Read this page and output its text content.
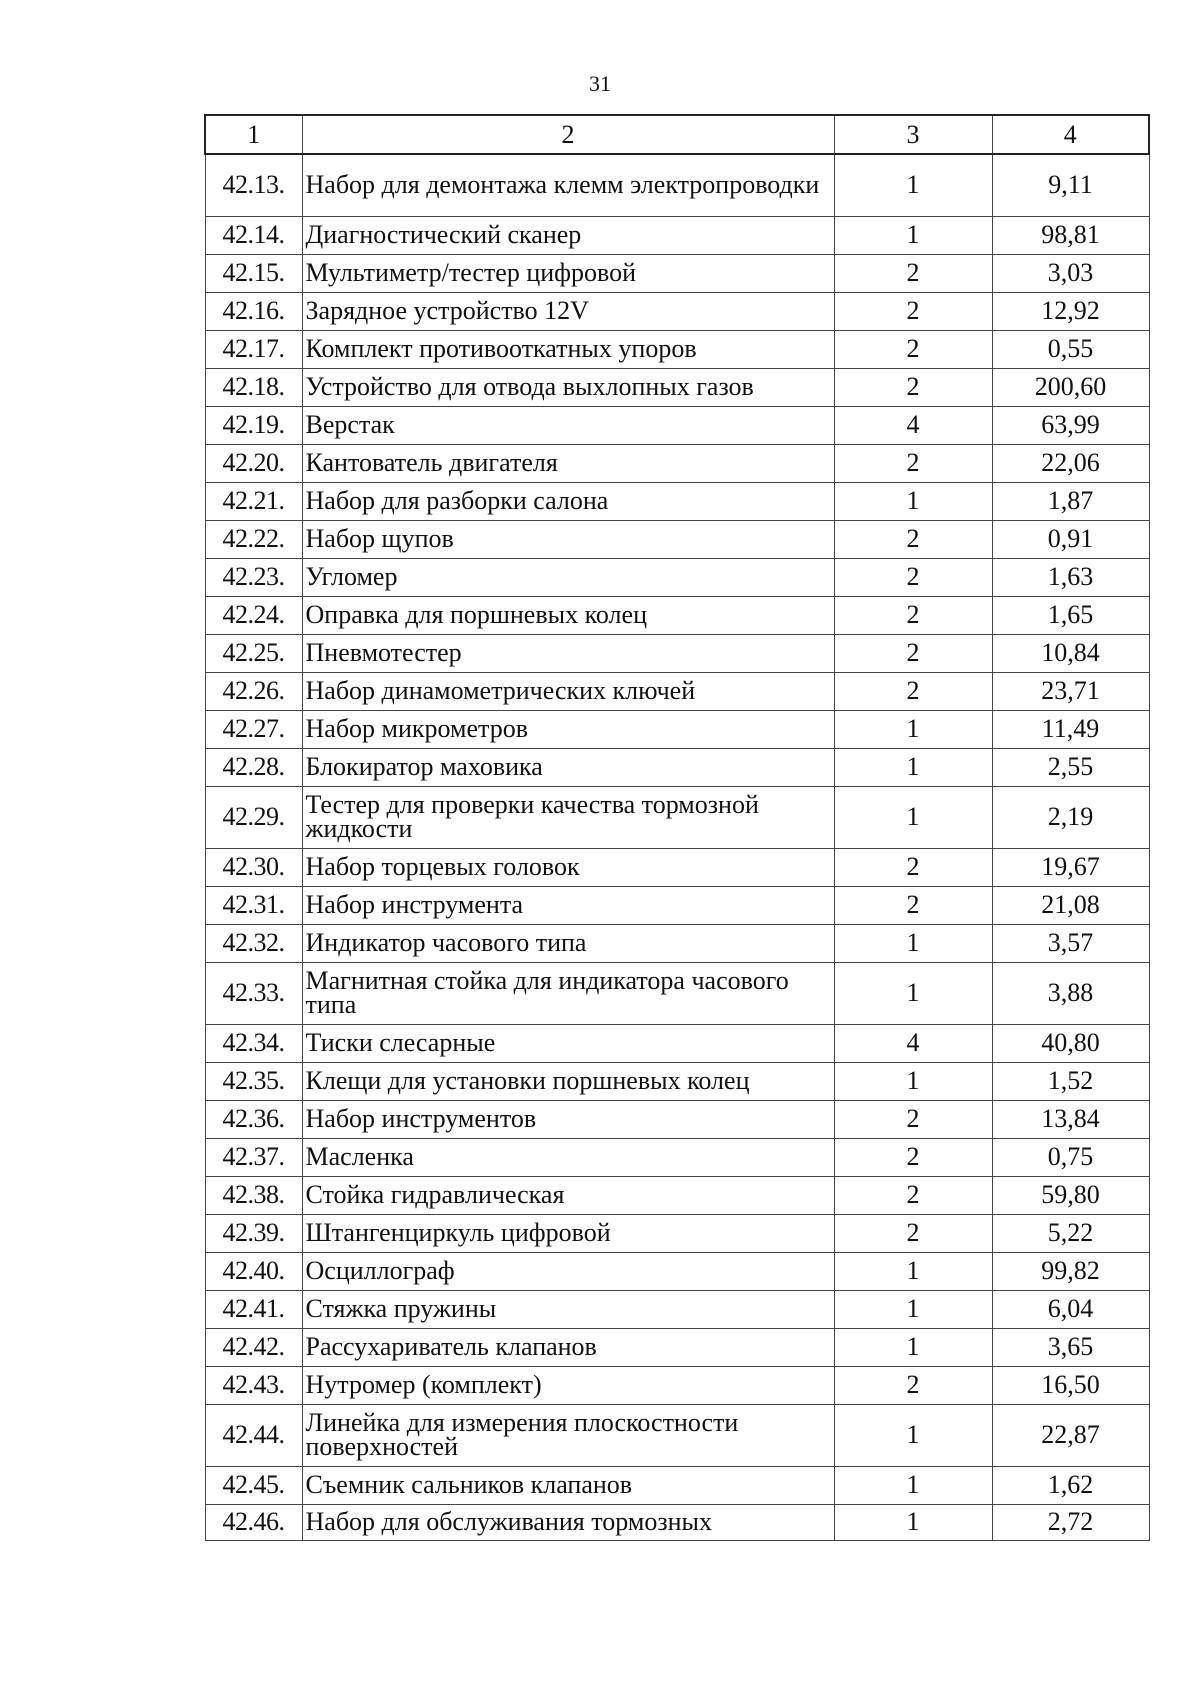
31
1	2	3	4
42.13.	Набор для демонтажа клемм электропроводки	1	9,11
42.14.	Диагностический сканер	1	98,81
42.15.	Мультиметр/тестер цифровой	2	3,03
42.16.	Зарядное устройство 12V	2	12,92
42.17.	Комплект противооткатных упоров	2	0,55
42.18.	Устройство для отвода выхлопных газов	2	200,60
42.19.	Верстак	4	63,99
42.20.	Кантователь двигателя	2	22,06
42.21.	Набор для разборки салона	1	1,87
42.22.	Набор щупов	2	0,91
42.23.	Угломер	2	1,63
42.24.	Оправка для поршневых колец	2	1,65
42.25.	Пневмотестер	2	10,84
42.26.	Набор динамометрических ключей	2	23,71
42.27.	Набор микрометров	1	11,49
42.28.	Блокиратор маховика	1	2,55
42.29.	Тестер для проверки качества тормозной жидкости	1	2,19
42.30.	Набор торцевых головок	2	19,67
42.31.	Набор инструмента	2	21,08
42.32.	Индикатор часового типа	1	3,57
42.33.	Магнитная стойка для индикатора часового типа	1	3,88
42.34.	Тиски слесарные	4	40,80
42.35.	Клещи для установки поршневых колец	1	1,52
42.36.	Набор инструментов	2	13,84
42.37.	Масленка	2	0,75
42.38.	Стойка гидравлическая	2	59,80
42.39.	Штангенциркуль цифровой	2	5,22
42.40.	Осциллограф	1	99,82
42.41.	Стяжка пружины	1	6,04
42.42.	Рассухариватель клапанов	1	3,65
42.43.	Нутромер (комплект)	2	16,50
42.44.	Линейка для измерения плоскостности поверхностей	1	22,87
42.45.	Съемник сальников клапанов	1	1,62
42.46.	Набор для обслуживания тормозных	1	2,72
